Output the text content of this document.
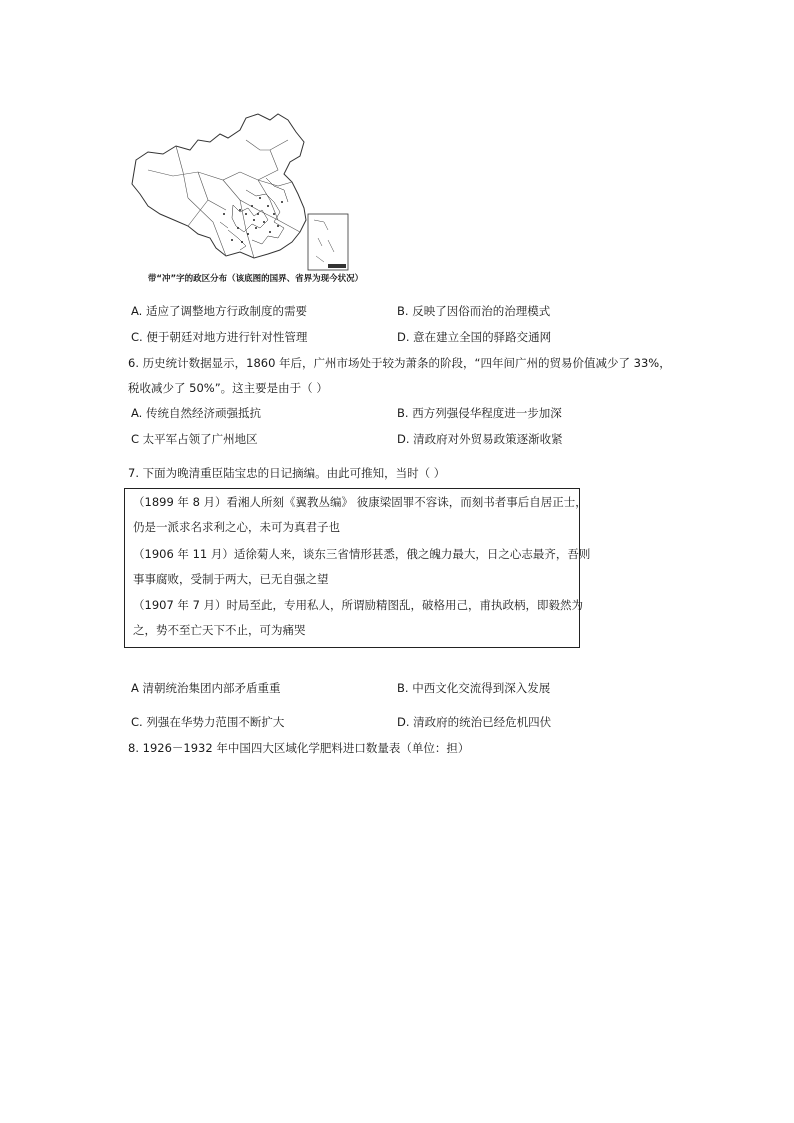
带“冲”字的政区分布（该底图的国界、省界为现今状况）
A. 适应了调整地方行政制度的需要	B. 反映了因俗而治的治理模式
C. 便于朝廷对地方进行针对性管理	D. 意在建立全国的驿路交通网
6. 历史统计数据显示，1860 年后，广州市场处于较为萧条的阶段，“四年间广州的贸易价值减少了 33%，
税收减少了 50%”。这主要是由于（ ）
A. 传统自然经济顽强抵抗	B. 西方列强侵华程度进一步加深
C 太平军占领了广州地区	D. 清政府对外贸易政策逐渐收紧
7. 下面为晚清重臣陆宝忠的日记摘编。由此可推知，当时（ ）
（1899 年 8 月）看湘人所刻《翼教丛编》 彼康梁固罪不容诛，而刻书者事后自居正士，
仍是一派求名求利之心，未可为真君子也
（1906 年 11 月）适徐菊人来，谈东三省情形甚悉，俄之魄力最大，日之心志最齐，吾则
事事腐败，受制于两大，已无自强之望
（1907 年 7 月）时局至此，专用私人，所谓励精图乱，破格用己，甫执政柄，即毅然为
之，势不至亡天下不止，可为痛哭
A 清朝统治集团内部矛盾重重	B. 中西文化交流得到深入发展
C. 列强在华势力范围不断扩大	D. 清政府的统治已经危机四伏
8. 1926－1932 年中国四大区域化学肥料进口数量表（单位：担）
